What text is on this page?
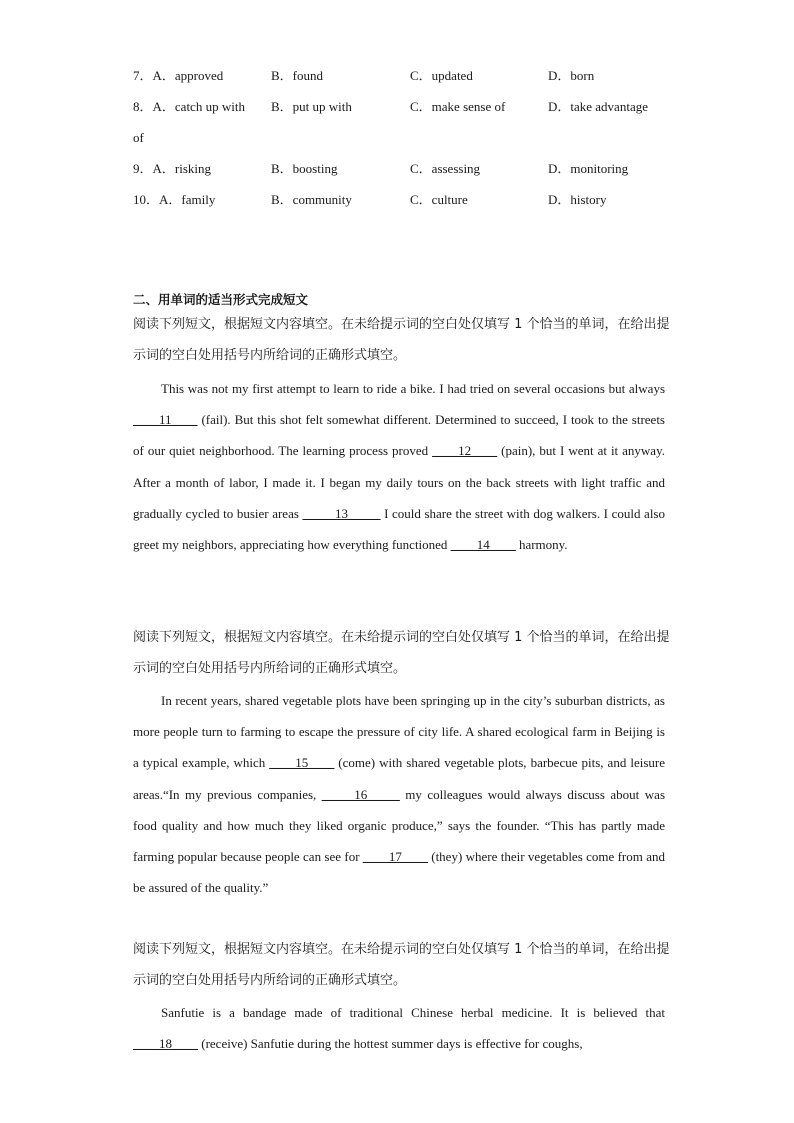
7．A．approved	B．found	C．updated	D．born
8．A．catch up with B．put up with	C．make sense of	D．take advantage
of
9．A．risking	B．boosting	C．assessing	D．monitoring
10．A．family	B．community	C．culture	D．history
二、用单词的适当形式完成短文
阅读下列短文，根据短文内容填空。在未给提示词的空白处仅填写 1 个恰当的单词，在给出提示词的空白处用括号内所给词的正确形式填空。
This was not my first attempt to learn to ride a bike. I had tried on several occasions but always ____11____ (fail). But this shot felt somewhat different. Determined to succeed, I took to the streets of our quiet neighborhood. The learning process proved ____12____ (pain), but I went at it anyway. After a month of labor, I made it. I began my daily tours on the back streets with light traffic and gradually cycled to busier areas _____13_____ I could share the street with dog walkers. I could also greet my neighbors, appreciating how everything functioned ____14____ harmony.
阅读下列短文，根据短文内容填空。在未给提示词的空白处仅填写 1 个恰当的单词，在给出提示词的空白处用括号内所给词的正确形式填空。
In recent years, shared vegetable plots have been springing up in the city’s suburban districts, as more people turn to farming to escape the pressure of city life. A shared ecological farm in Beijing is a typical example, which ____15____ (come) with shared vegetable plots, barbecue pits, and leisure areas.“In my previous companies, _____16_____ my colleagues would always discuss about was food quality and how much they liked organic produce,” says the founder. “This has partly made farming popular because people can see for ____17____ (they) where their vegetables come from and be assured of the quality.”
阅读下列短文，根据短文内容填空。在未给提示词的空白处仅填写 1 个恰当的单词，在给出提示词的空白处用括号内所给词的正确形式填空。
Sanfutie is a bandage made of traditional Chinese herbal medicine. It is believed that ____18____ (receive) Sanfutie during the hottest summer days is effective for coughs,
